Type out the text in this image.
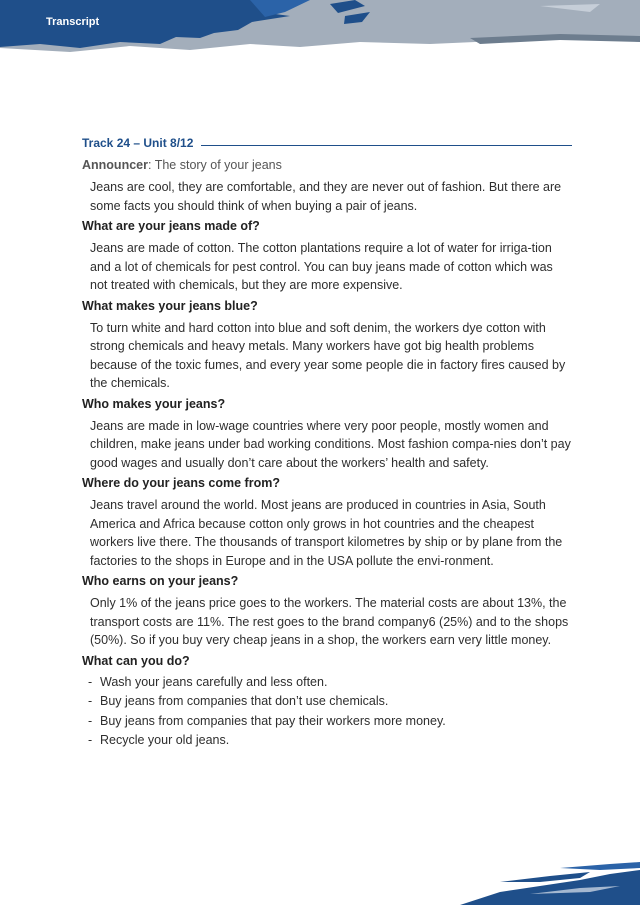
Transcript
Track 24 – Unit 8/12
Announcer: The story of your jeans
Jeans are cool, they are comfortable, and they are never out of fashion. But there are some facts you should think of when buying a pair of jeans.
What are your jeans made of?
Jeans are made of cotton. The cotton plantations require a lot of water for irriga-tion and a lot of chemicals for pest control. You can buy jeans made of cotton which was not treated with chemicals, but they are more expensive.
What makes your jeans blue?
To turn white and hard cotton into blue and soft denim, the workers dye cotton with strong chemicals and heavy metals. Many workers have got big health problems because of the toxic fumes, and every year some people die in factory fires caused by the chemicals.
Who makes your jeans?
Jeans are made in low-wage countries where very poor people, mostly women and children, make jeans under bad working conditions. Most fashion compa-nies don’t pay good wages and usually don’t care about the workers’ health and safety.
Where do your jeans come from?
Jeans travel around the world. Most jeans are produced in countries in Asia, South America and Africa because cotton only grows in hot countries and the cheapest workers live there. The thousands of transport kilometres by ship or by plane from the factories to the shops in Europe and in the USA pollute the envi-ronment.
Who earns on your jeans?
Only 1% of the jeans price goes to the workers. The material costs are about 13%, the transport costs are 11%. The rest goes to the brand company6 (25%) and to the shops (50%). So if you buy very cheap jeans in a shop, the workers earn very little money.
What can you do?
- Wash your jeans carefully and less often.
- Buy jeans from companies that don’t use chemicals.
- Buy jeans from companies that pay their workers more money.
- Recycle your old jeans.
